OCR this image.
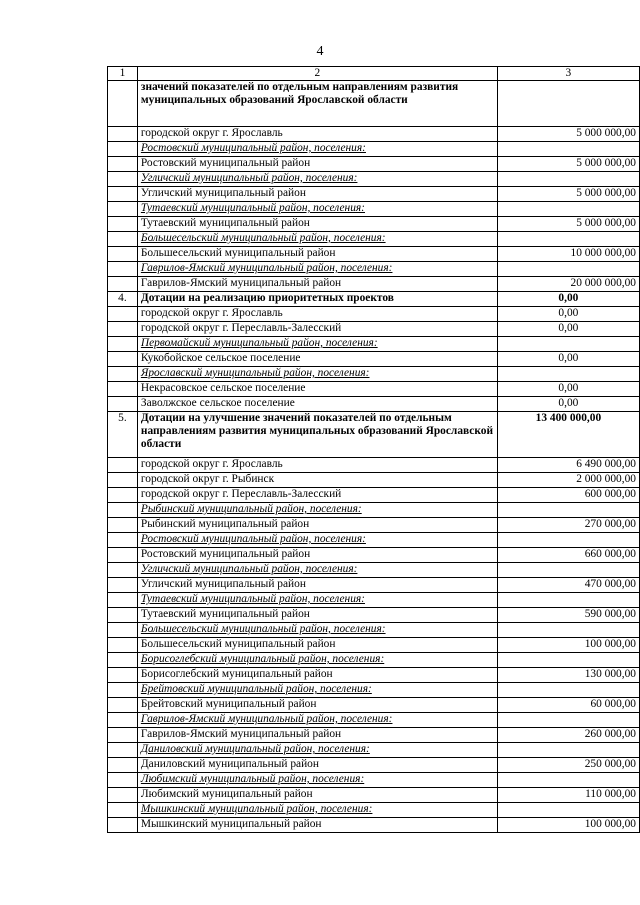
4
1	2	3
	значений показателей по отдельным направлениям развития муниципальных образований Ярославской области	
	городской округ г. Ярославль	5 000 000,00
	Ростовский муниципальный район, поселения:	
	Ростовский муниципальный район	5 000 000,00
	Угличский муниципальный район, поселения:	
	Угличский муниципальный район	5 000 000,00
	Тутаевский муниципальный район, поселения:	
	Тутаевский муниципальный район	5 000 000,00
	Большесельский муниципальный район, поселения:	
	Большесельский муниципальный район	10 000 000,00
	Гаврилов-Ямский муниципальный район, поселения:	
	Гаврилов-Ямский муниципальный район	20 000 000,00
4.	Дотации на реализацию приоритетных проектов	0,00
	городской округ г. Ярославль	0,00
	городской округ г. Переславль-Залесский	0,00
	Первомайский муниципальный район, поселения:	
	Кукобойское сельское поселение	0,00
	Ярославский муниципальный район, поселения:	
	Некрасовское сельское поселение	0,00
	Заволжское сельское поселение	0,00
5.	Дотации на улучшение значений показателей по отдельным направлениям развития муниципальных образований Ярославской области	13 400 000,00
	городской округ г. Ярославль	6 490 000,00
	городской округ г. Рыбинск	2 000 000,00
	городской округ г. Переславль-Залесский	600 000,00
	Рыбинский муниципальный район, поселения:	
	Рыбинский муниципальный район	270 000,00
	Ростовский муниципальный район, поселения:	
	Ростовский муниципальный район	660 000,00
	Угличский муниципальный район, поселения:	
	Угличский муниципальный район	470 000,00
	Тутаевский муниципальный район, поселения:	
	Тутаевский муниципальный район	590 000,00
	Большесельский муниципальный район, поселения:	
	Большесельский муниципальный район	100 000,00
	Борисоглебский муниципальный район, поселения:	
	Борисоглебский муниципальный район	130 000,00
	Брейтовский муниципальный район, поселения:	
	Брейтовский муниципальный район	60 000,00
	Гаврилов-Ямский муниципальный район, поселения:	
	Гаврилов-Ямский муниципальный район	260 000,00
	Даниловский муниципальный район, поселения:	
	Даниловский муниципальный район	250 000,00
	Любимский муниципальный район, поселения:	
	Любимский муниципальный район	110 000,00
	Мышкинский муниципальный район, поселения:	
	Мышкинский муниципальный район	100 000,00
